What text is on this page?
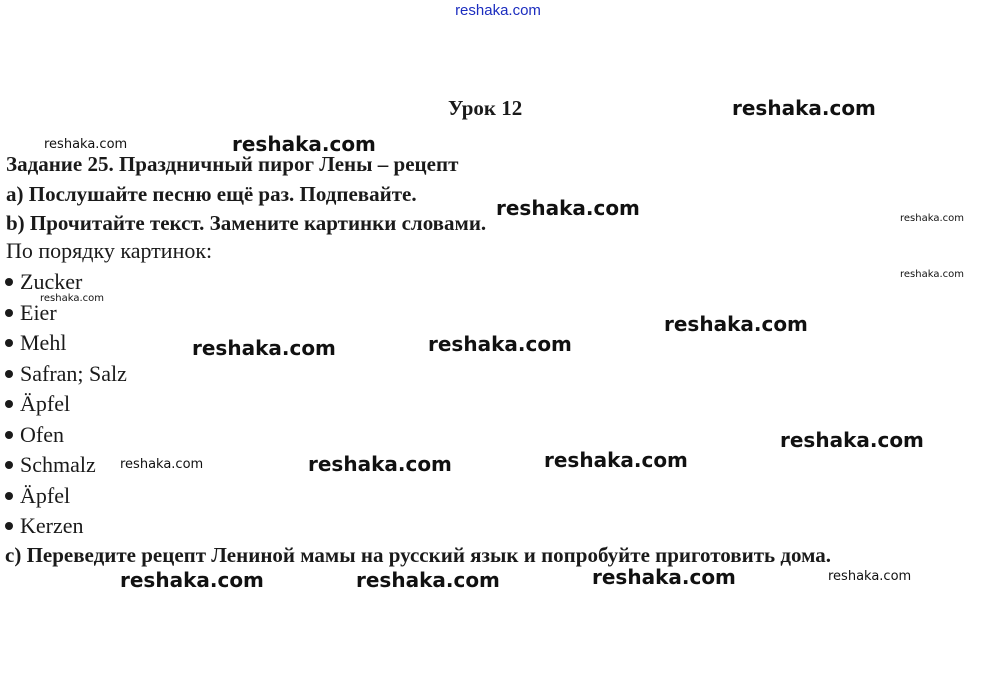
reshaka.com
Урок 12
Задание 25. Праздничный пирог Лены – рецепт
а) Послушайте песню ещё раз. Подпевайте.
b) Прочитайте текст. Замените картинки словами.
По порядку картинок:
Zucker
Eier
Mehl
Safran; Salz
Äpfel
Ofen
Schmalz
Äpfel
Kerzen
с) Переведите рецепт Лениной мамы на русский язык и попробуйте приготовить дома.
reshaka.com
reshaka.com	reshaka.com
reshaka.com	reshaka.com
reshaka.com
reshaka.com
reshaka.com
reshaka.com	reshaka.com
reshaka.com
reshaka.com
reshaka.com	reshaka.com
reshaka.com	reshaka.com
reshaka.com	reshaka.com
